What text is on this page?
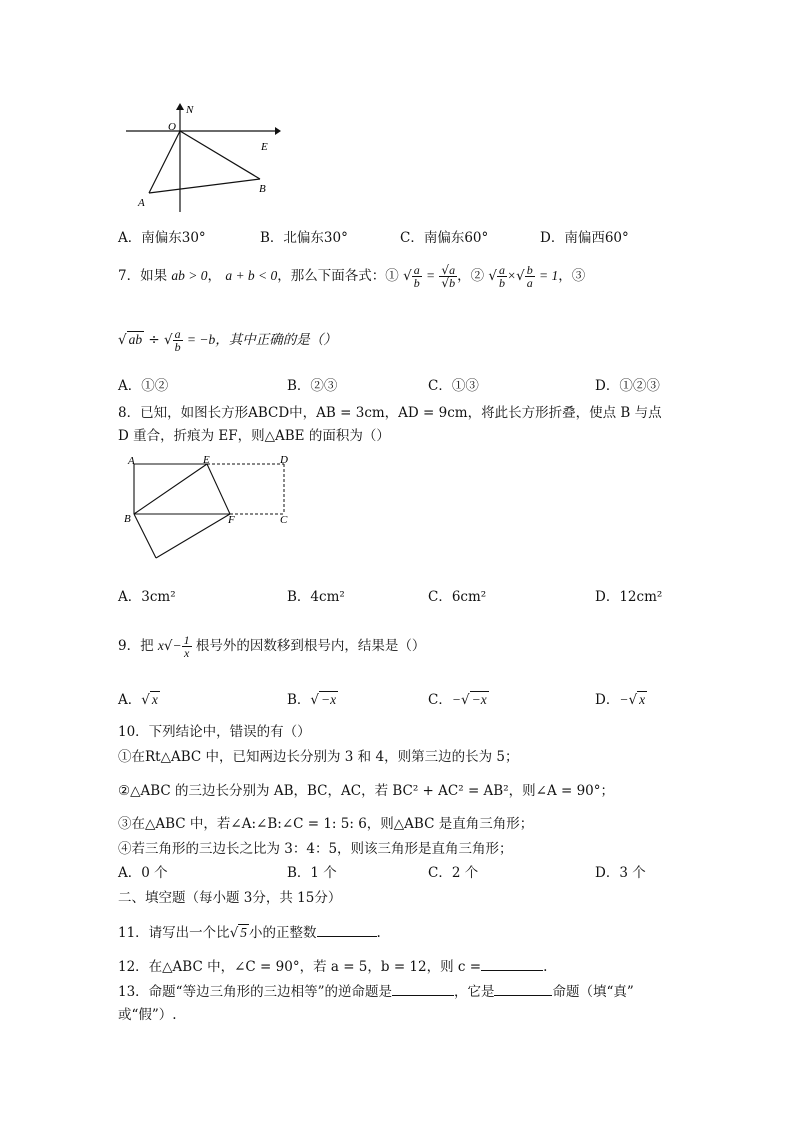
N
O
E
A
B
A．南偏东30°	B．北偏东30°	C．南偏东60°	D．南偏西60°
7．如果 ab > 0， a + b < 0，那么下面各式：① √ $\frac{a}{b} = \frac{√a}{√b}$ ，② √ $\frac{a}{b}$ ×√ $\frac{b}{a} = 1$，③
√ ab ÷ √ $\frac{a}{b} = -b$，其中正确的是（）
A．①②	B．②③	C．①③	D．①②③
8．已知，如图长方形ABCD中，AB = 3cm，AD = 9cm，将此长方形折叠，使点 B 与点
D 重合，折痕为 EF，则△ABE 的面积为（）
A	E	D
B	F	C
A．3cm²	B．4cm²	C．6cm²	D．12cm²
9．把 $x√- \frac{1}{x}$ 根号外的因数移到根号内，结果是（）
A．√ x	B．√ −x	C．−√ −x	D．−√ x
10．下列结论中，错误的有（）
①在Rt△ABC 中，已知两边长分别为 3 和 4，则第三边的长为 5；
②△ABC 的三边长分别为 AB，BC，AC，若 BC² + AC² = AB²，则∠A = 90°；
③在△ABC 中，若∠A:∠B:∠C = 1: 5: 6，则△ABC 是直角三角形；
④若三角形的三边长之比为 3：4：5，则该三角形是直角三角形；
A．0 个	B．1 个	C．2 个	D．3 个
二、填空题（每小题 3分，共 15分）
11．请写出一个比√ 5 小的正整数	.
12．在△ABC 中，∠C = 90°，若 a = 5，b = 12，则 c =	.
13．命题“等边三角形的三边相等”的逆命题是	，它是	命题（填“真”
或“假”）.
